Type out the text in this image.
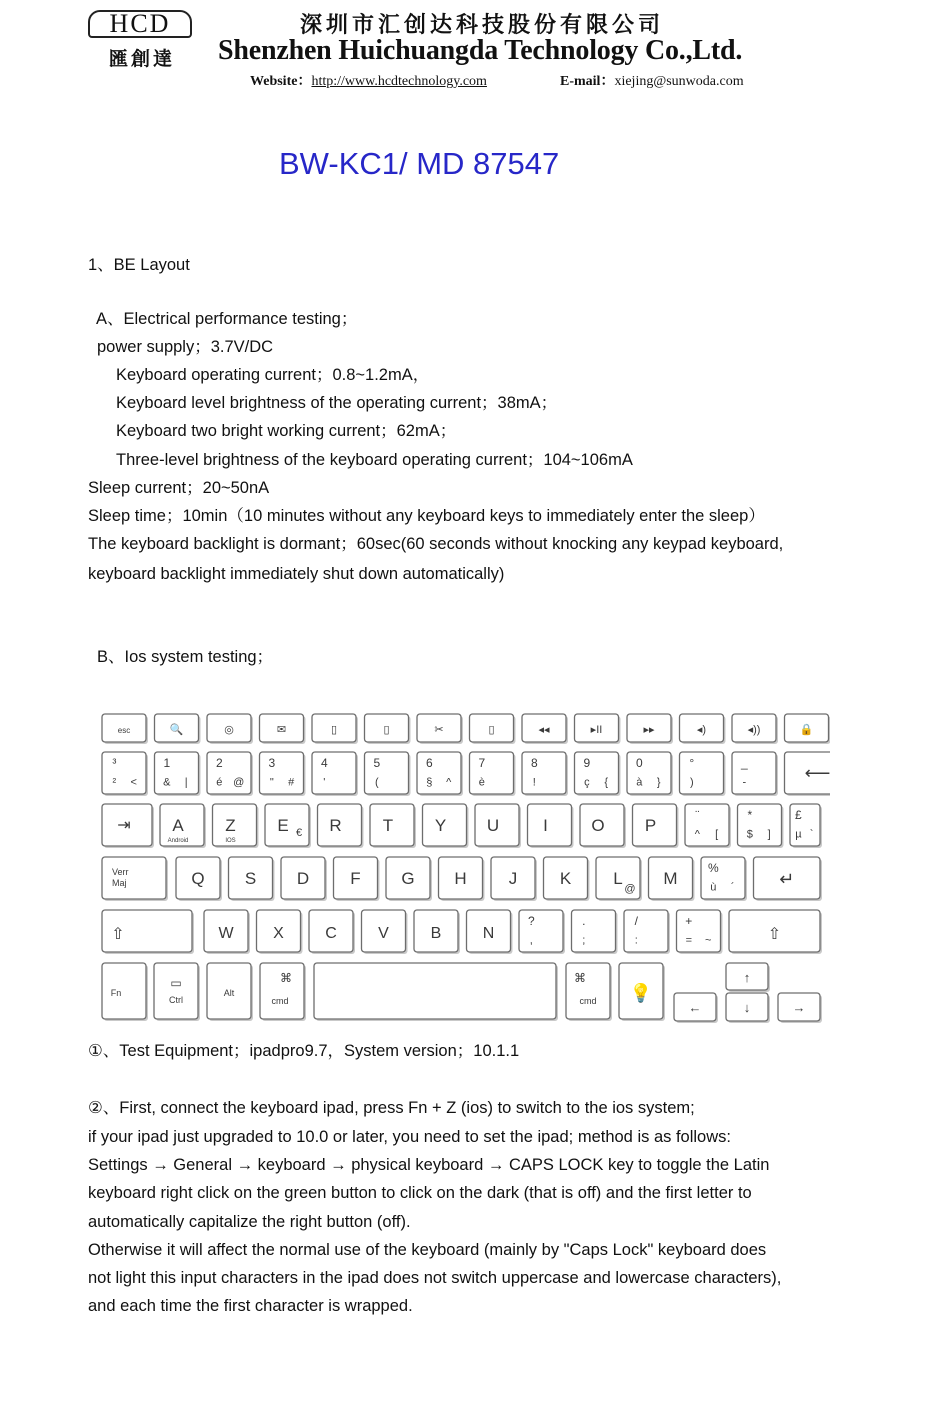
HCD
匯創達
深圳市汇创达科技股份有限公司
Shenzhen Huichuangda Technology Co.,Ltd.
Website：http://www.hcdtechnology.com	E-mail：xiejing@sunwoda.com
BW-KC1/ MD 87547
1、BE Layout
A、Electrical performance testing；
power supply；3.7V/DC
Keyboard operating current；0.8~1.2mA，
Keyboard level brightness of the operating current；38mA；
Keyboard two bright working current；62mA；
Three-level brightness of the keyboard operating current；104~106mA
Sleep current；20~50nA
Sleep time；10min（10 minutes without any keyboard keys to immediately enter the sleep）
The keyboard backlight is dormant；60sec(60 seconds without knocking any keypad keyboard,
keyboard backlight immediately shut down automatically)
B、Ios system testing；
esc	🔍	◎	✉	▯	▯	✂	▯	◂◂	▸II	▸▸	◂)	◂))	🔒
³
² <
1
& |
2
é @
3
" #
4
'
5
(
6
§ ^
7
è
8
!
9
ç {
0
à }
°
)
_
-	⟵
⇥ A
Android
Z
IOS
E € R T Y U	I	O P
¨
^ [
*
$ ]
£
µ `
Verr
Maj	Q S D F G H J	K L
@
M
%
ù ´ ↵
⇧	W X	C	V	B	N
?
,
.
;
/
:
+
= ~	⇧
Fn
▭
Ctrl
Alt
⌘
cmd
⌘
cmd 💡
←
↑
↓	→
①、Test Equipment；ipadpro9.7，System version；10.1.1
②、First, connect the keyboard ipad, press Fn + Z (ios) to switch to the ios system;
if your ipad just upgraded to 10.0 or later, you need to set the ipad; method is as follows:
Settings → General → keyboard → physical keyboard → CAPS LOCK key to toggle the Latin
keyboard right click on the green button to click on the dark (that is off) and the first letter to
automatically capitalize the right button (off).
Otherwise it will affect the normal use of the keyboard (mainly by "Caps Lock" keyboard does
not light this input characters in the ipad does not switch uppercase and lowercase characters),
and each time the first character is wrapped.
